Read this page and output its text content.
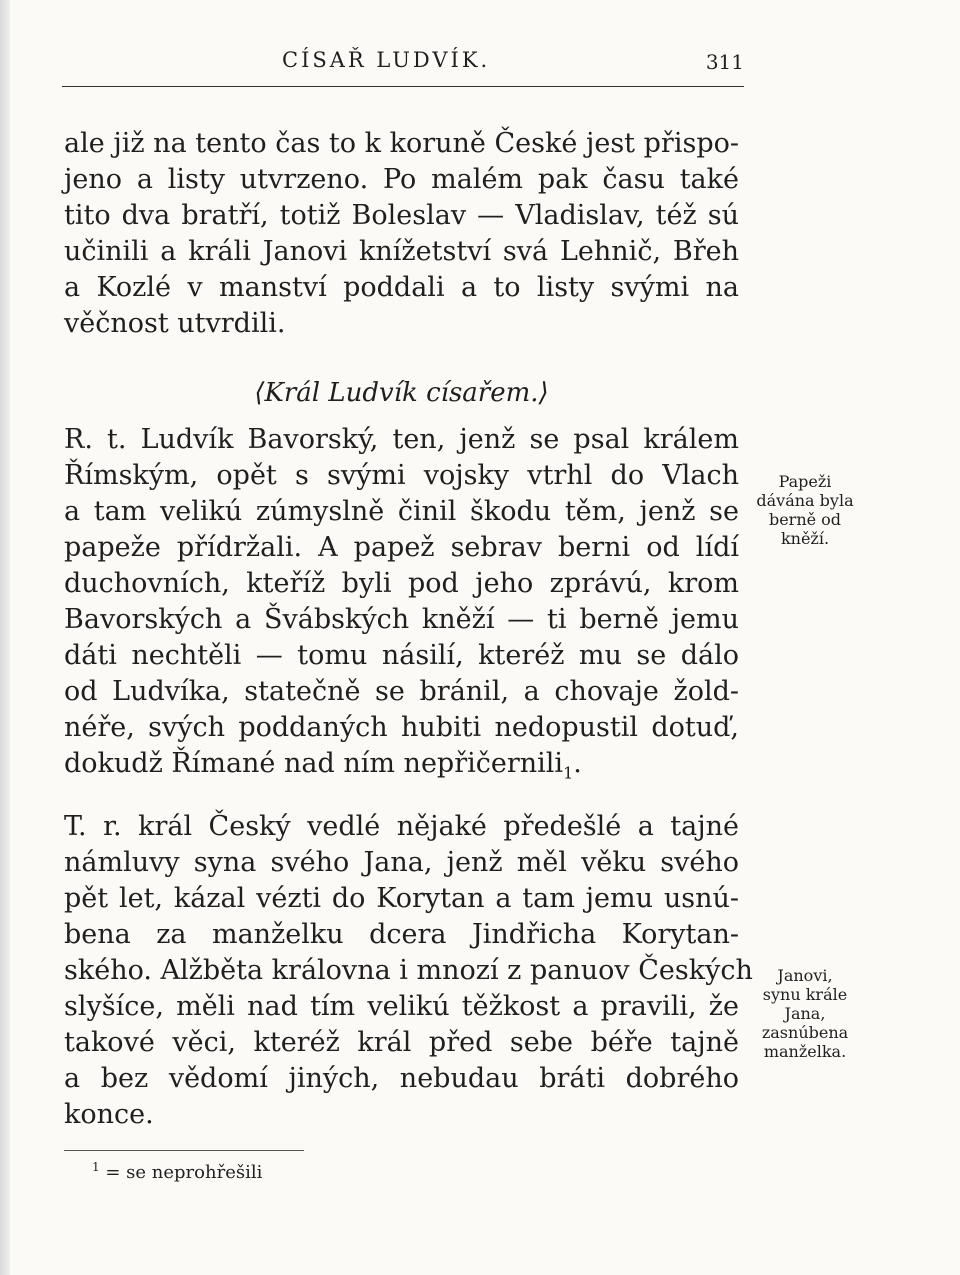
CÍSAŘ LUDVÍK.	311
ale již na tento čas to k koruně České jest přispo-
jeno a listy utvrzeno. Po malém pak času také
tito dva bratří, totiž Boleslav — Vladislav, též sú
učinili a králi Janovi knížetství svá Lehnič, Břeh
a Kozlé v manství poddali a to listy svými na
věčnost utvrdili.
⟨Král Ludvík císařem.⟩
R. t. Ludvík Bavorský, ten, jenž se psal králem
Římským, opět s svými vojsky vtrhl do Vlach
a tam velikú zúmyslně činil škodu těm, jenž se
papeže přídržali. A papež sebrav berni od lídí
duchovních, kteříž byli pod jeho zprávú, krom
Bavorských a Švábských kněží — ti berně jemu
dáti nechtěli — tomu násilí, kteréž mu se dálo
od Ludvíka, statečně se bránil, a chovaje žold-
néře, svých poddaných hubiti nedopustil dotuď,
dokudž Římané nad ním nepřičernili$_1$.
T. r. král Český vedlé nějaké předešlé a tajné
námluvy syna svého Jana, jenž měl věku svého
pět let, kázal vézti do Korytan a tam jemu usnú-
bena za manželku dcera Jindřicha Korytan-
ského. Alžběta královna i mnozí z panuov Českých
slyšíce, měli nad tím velikú těžkost a pravili, že
takové věci, kteréž král před sebe béře tajně
a bez vědomí jiných, nebudau bráti dobrého
konce.
Papeži
dávána byla
berně od
kněží.
Janovi,
synu krále
Jana,
zasnúbena
manželka.
$^1$ = se neprohřešili
